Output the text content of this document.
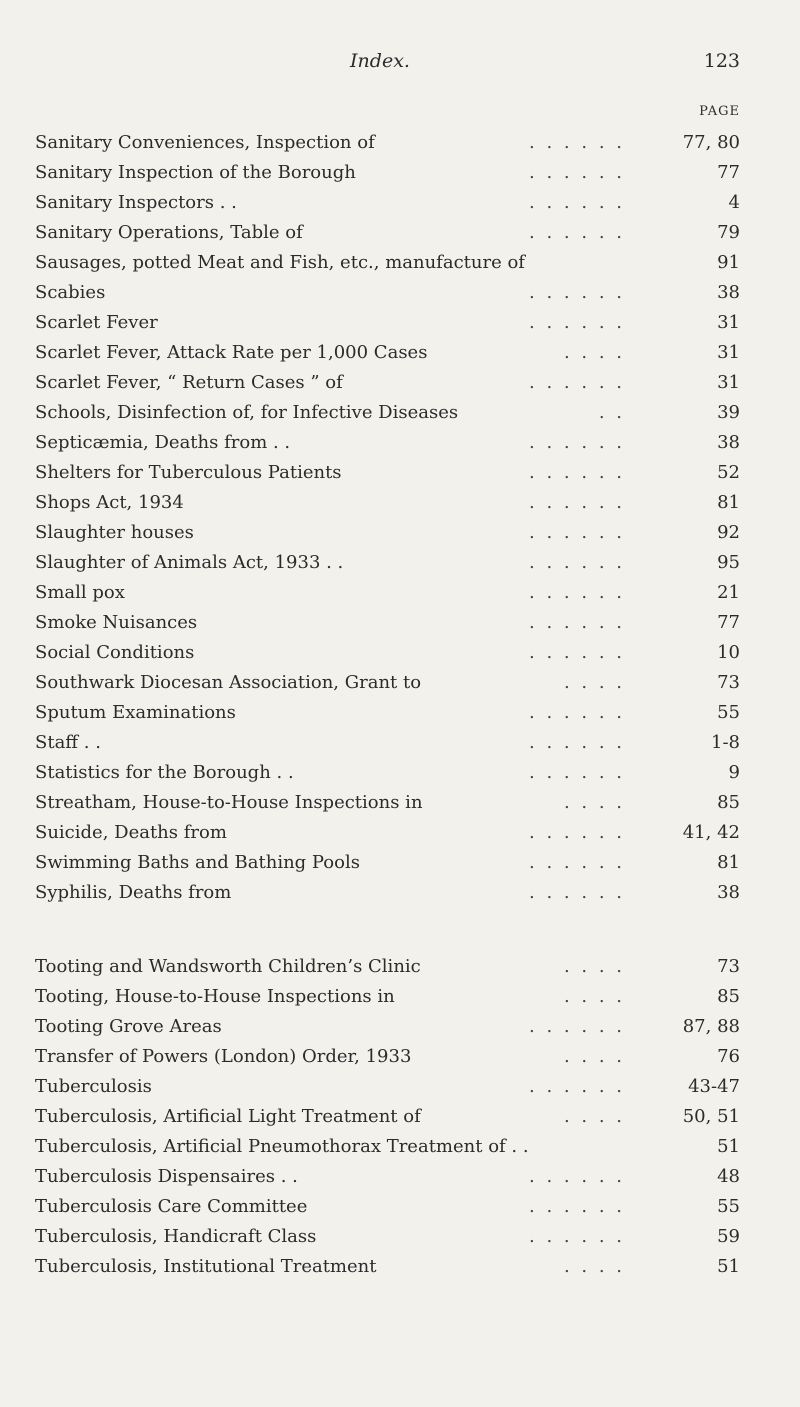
Index.	123
PAGE
Sanitary Conveniences, Inspection of	. . . . . .	77, 80
Sanitary Inspection of the Borough	. . . . . .	77
Sanitary Inspectors . .	. . . . . .	4
Sanitary Operations, Table of	. . . . . .	79
Sausages, potted Meat and Fish, etc., manufacture of	91
Scabies	. . . . . .	38
Scarlet Fever	. . . . . .	31
Scarlet Fever, Attack Rate per 1,000 Cases	. . . .	31
Scarlet Fever, “ Return Cases ” of	. . . . . .	31
Schools, Disinfection of, for Infective Diseases	. .	39
Septicæmia, Deaths from . .	. . . . . .	38
Shelters for Tuberculous Patients	. . . . . .	52
Shops Act, 1934	. . . . . .	81
Slaughter houses	. . . . . .	92
Slaughter of Animals Act, 1933 . .	. . . . . .	95
Small pox	. . . . . .	21
Smoke Nuisances	. . . . . .	77
Social Conditions	. . . . . .	10
Southwark Diocesan Association, Grant to	. . . .	73
Sputum Examinations	. . . . . .	55
Staff . .	. . . . . .	1-8
Statistics for the Borough . .	. . . . . .	9
Streatham, House-to-House Inspections in	. . . .	85
Suicide, Deaths from	. . . . . .	41, 42
Swimming Baths and Bathing Pools	. . . . . .	81
Syphilis, Deaths from	. . . . . .	38
Tooting and Wandsworth Children’s Clinic	. . . .	73
Tooting, House-to-House Inspections in	. . . .	85
Tooting Grove Areas	. . . . . .	87, 88
Transfer of Powers (London) Order, 1933	. . . .	76
Tuberculosis	. . . . . .	43-47
Tuberculosis, Artificial Light Treatment of	. . . .	50, 51
Tuberculosis, Artificial Pneumothorax Treatment of . .	51
Tuberculosis Dispensaires . .	. . . . . .	48
Tuberculosis Care Committee	. . . . . .	55
Tuberculosis, Handicraft Class	. . . . . .	59
Tuberculosis, Institutional Treatment	. . . .	51
